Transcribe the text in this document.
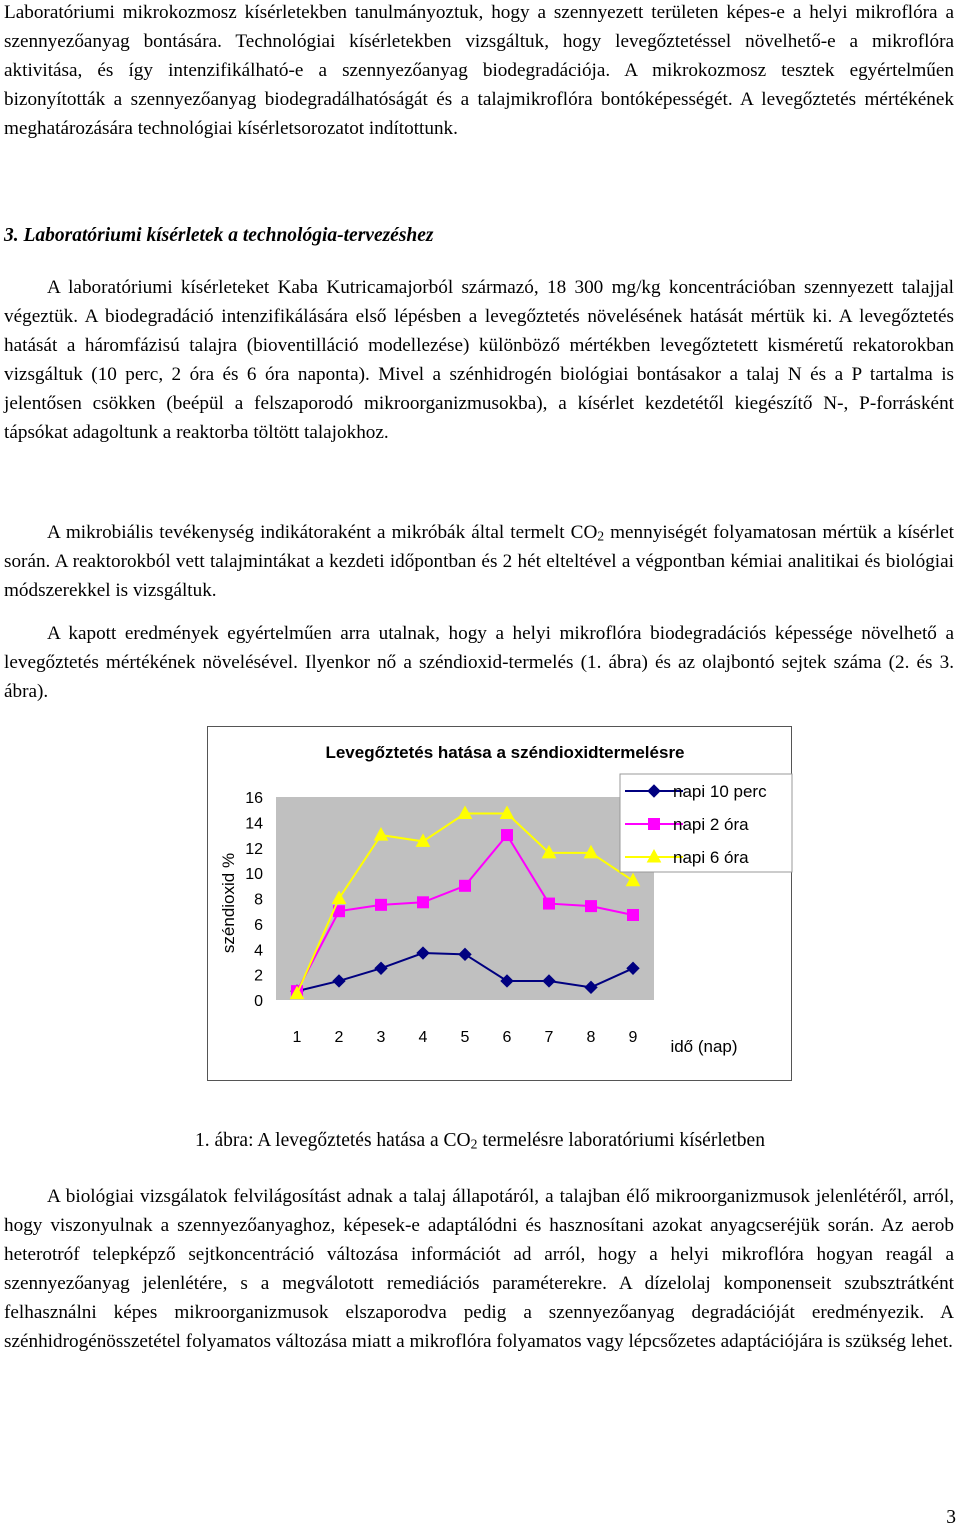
Laboratóriumi mikrokozmosz kísérletekben tanulmányoztuk, hogy a szennyezett területen képes-e a helyi mikroflóra a szennyezőanyag bontására. Technológiai kísérletekben vizsgáltuk, hogy levegőztetéssel növelhető-e a mikroflóra aktivitása, és így intenzifikálható-e a szennyezőanyag biodegradációja. A mikrokozmosz tesztek egyértelműen bizonyították a szennyezőanyag biodegradálhatóságát és a talajmikroflóra bontóképességét. A levegőztetés mértékének meghatározására technológiai kísérletsorozatot indítottunk.

3. Laboratóriumi kísérletek a technológia-tervezéshez

A laboratóriumi kísérleteket Kaba Kutricamajorból származó, 18 300 mg/kg koncentrációban szennyezett talajjal végeztük. A biodegradáció intenzifikálására első lépésben a levegőztetés növelésének hatását mértük ki. A levegőztetés hatását a háromfázisú talajra (bioventilláció modellezése) különböző mértékben levegőztetett kisméretű rekatorokban vizsgáltuk (10 perc, 2 óra és 6 óra naponta). Mivel a szénhidrogén biológiai bontásakor a talaj N és a P tartalma is jelentősen csökken (beépül a felszaporodó mikroorganizmusokba), a kísérlet kezdetétől kiegészítő N-, P-forrásként tápsókat adagoltunk a reaktorba töltött talajokhoz.

A mikrobiális tevékenység indikátoraként a mikróbák által termelt $CO_2$ mennyiségét folyamatosan mértük a kísérlet során. A reaktorokból vett talajmintákat a kezdeti időpontban és 2 hét elteltével a végpontban kémiai analitikai és biológiai módszerekkel is vizsgáltuk.

A kapott eredmények egyértelműen arra utalnak, hogy a helyi mikroflóra biodegradációs képessége növelhető a levegőztetés mértékének növelésével. Ilyenkor nő a széndioxid-termelés (1. ábra) és az olajbontó sejtek száma (2. és 3. ábra).

Levegőztetés hatása a széndioxidtermelésre
széndioxid %
0
2
4
6
8
10
12
14
16
1 2 3 4 5 6 7 8 9 idő (nap)
napi 10 perc
napi 2 óra
napi 6 óra

1. ábra: A levegőztetés hatása a $CO_2$ termelésre laboratóriumi kísérletben

A biológiai vizsgálatok felvilágosítást adnak a talaj állapotáról, a talajban élő mikroorganizmusok jelenlétéről, arról, hogy viszonyulnak a szennyezőanyaghoz, képesek-e adaptálódni és hasznosítani azokat anyagcseréjük során. Az aerob heterotróf telepképző sejtkoncentráció változása információt ad arról, hogy a helyi mikroflóra hogyan reagál a szennyezőanyag jelenlétére, s a megválotott remediációs paraméterekre. A dízelolaj komponenseit szubsztrátként felhasználni képes mikroorganizmusok elszaporodva pedig a szennyezőanyag degradációját eredményezik. A szénhidrogénösszetétel folyamatos változása miatt a mikroflóra folyamatos vagy lépcsőzetes adaptációjára is szükség lehet.

3
